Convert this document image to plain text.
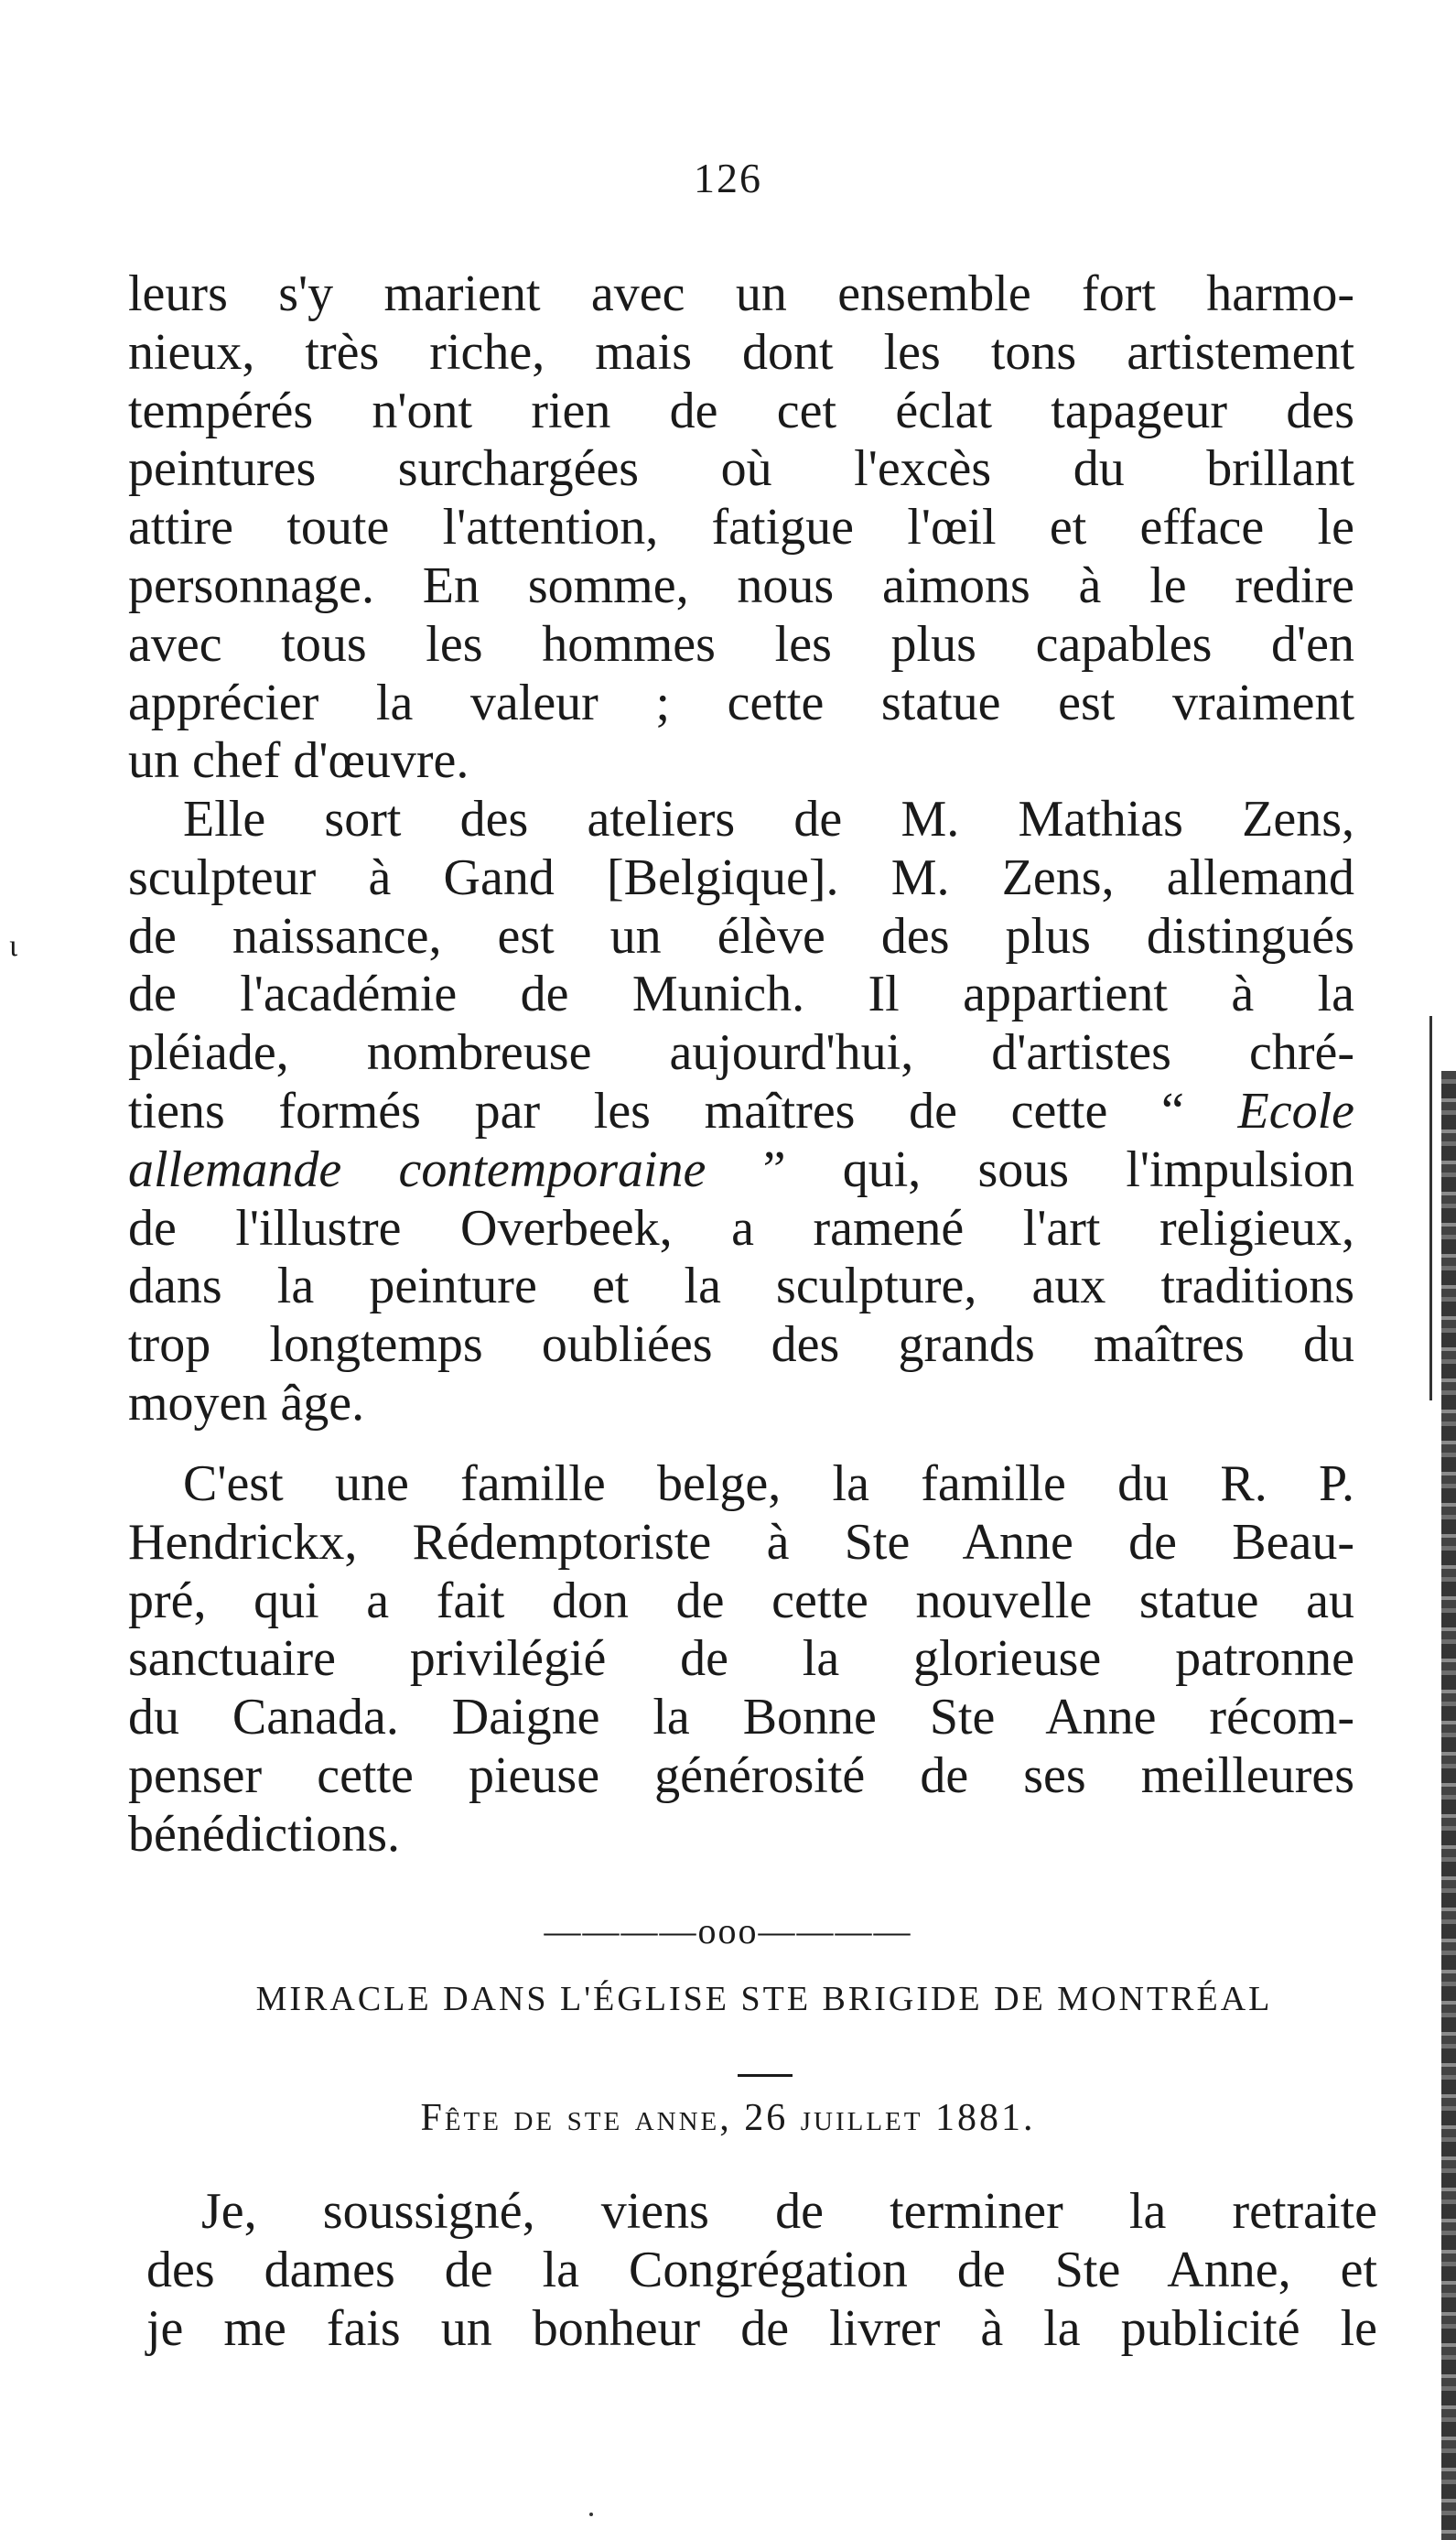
126
ι
leurs s'y marient avec un ensemble fort harmo-
nieux, très riche, mais dont les tons artistement
tempérés n'ont rien de cet éclat tapageur des
peintures surchargées où l'excès du brillant
attire toute l'attention, fatigue l'œil et efface le
personnage. En somme, nous aimons à le redire
avec tous les hommes les plus capables d'en
apprécier la valeur ; cette statue est vraiment
un chef d'œuvre.
Elle sort des ateliers de M. Mathias Zens,
sculpteur à Gand [Belgique]. M. Zens, allemand
de naissance, est un élève des plus distingués
de l'académie de Munich. Il appartient à la
pléiade, nombreuse aujourd'hui, d'artistes chré-
tiens formés par les maîtres de cette “ Ecole
allemande contemporaine ” qui, sous l'impulsion
de l'illustre Overbeek, a ramené l'art religieux,
dans la peinture et la sculpture, aux traditions
trop longtemps oubliées des grands maîtres du
moyen âge.
C'est une famille belge, la famille du R. P.
Hendrickx, Rédemptoriste à Ste Anne de Beau-
pré, qui a fait don de cette nouvelle statue au
sanctuaire privilégié de la glorieuse patronne
du Canada. Daigne la Bonne Ste Anne récom-
penser cette pieuse générosité de ses meilleures
bénédictions.
————ooo————
MIRACLE DANS L'ÉGLISE STE BRIGIDE DE MONTRÉAL
Fête de ste anne, 26 juillet 1881.
Je, soussigné, viens de terminer la retraite
des dames de la Congrégation de Ste Anne, et
je me fais un bonheur de livrer à la publicité le
